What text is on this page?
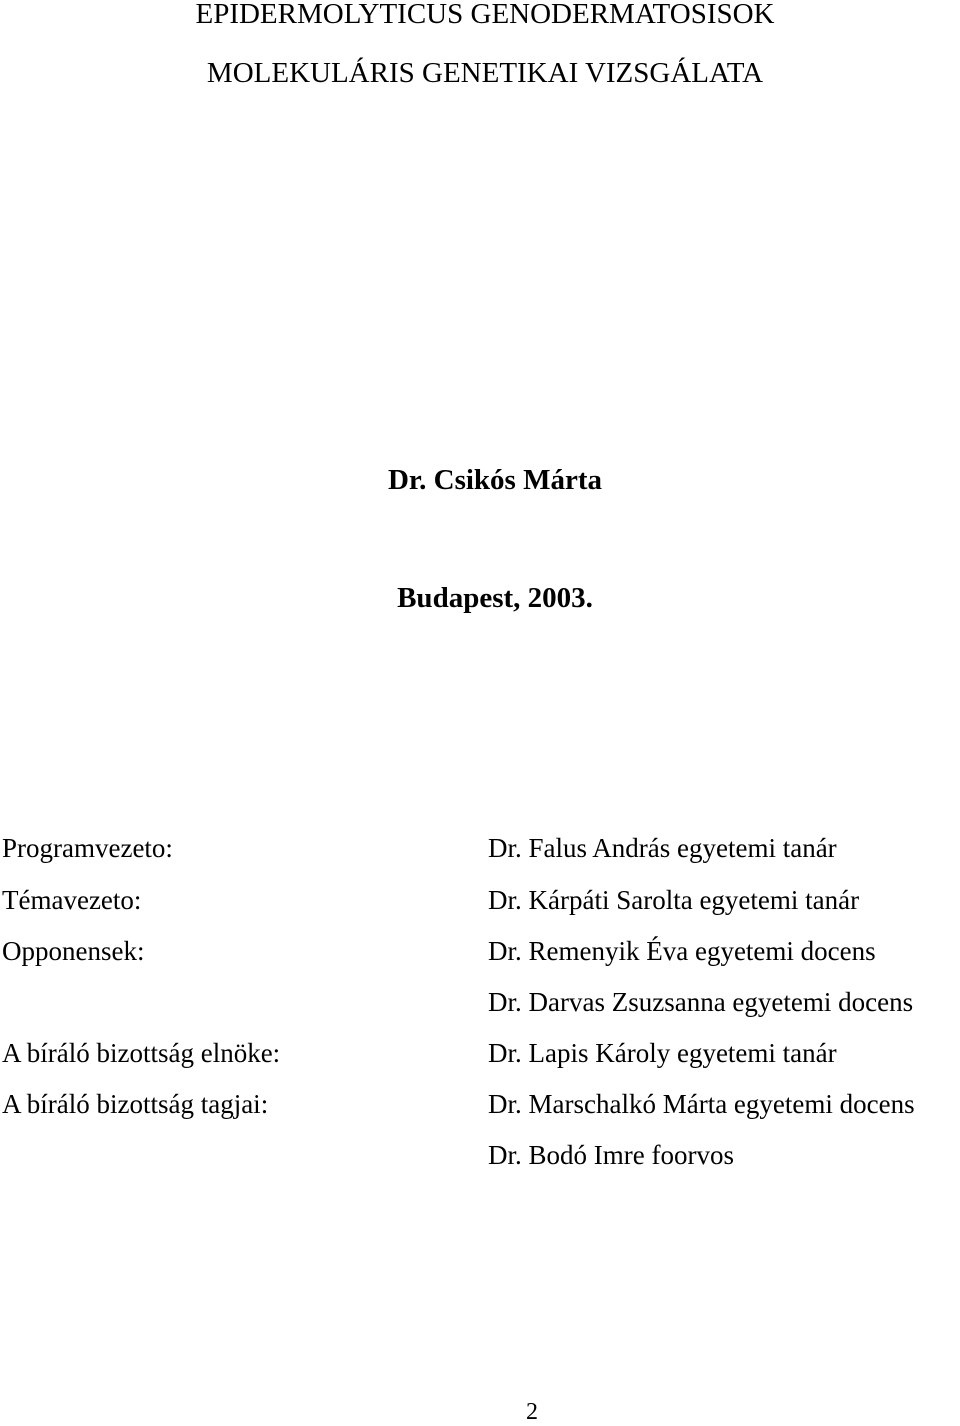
EPIDERMOLYTICUS GENODERMATOSISOK
MOLEKULÁRIS GENETIKAI VIZSGÁLATA
Dr. Csikós Márta
Budapest, 2003.
Programvezeto:	Dr. Falus András egyetemi tanár
Témavezeto:	Dr. Kárpáti Sarolta egyetemi tanár
Opponensek:	Dr. Remenyik Éva egyetemi docens
Dr. Darvas Zsuzsanna egyetemi docens
A bíráló bizottság elnöke:	Dr. Lapis Károly egyetemi tanár
A bíráló bizottság tagjai:	Dr. Marschalkó Márta egyetemi docens
Dr. Bodó Imre foorvos
2
